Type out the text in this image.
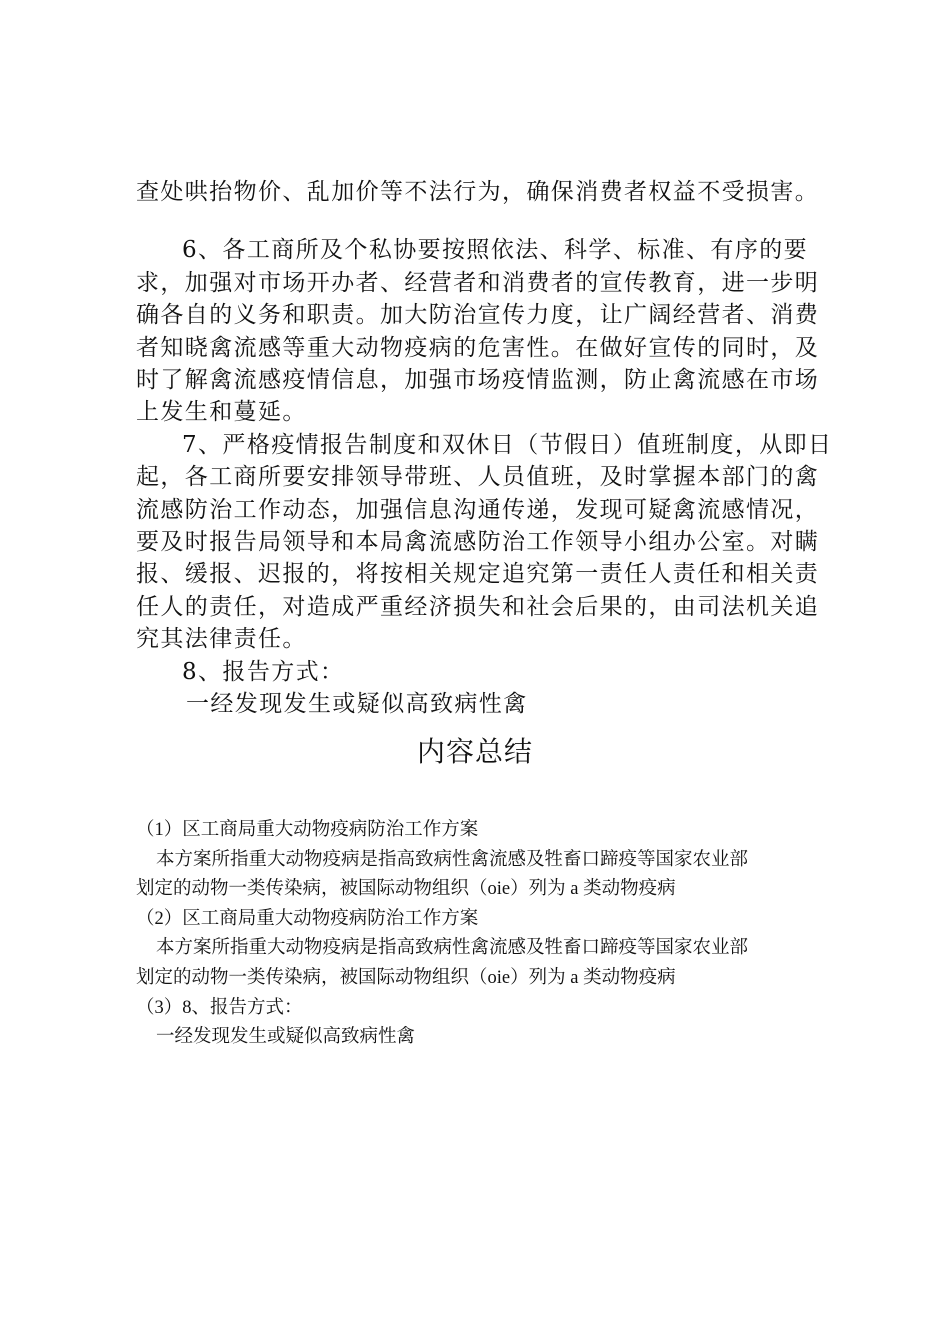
查处哄抬物价、乱加价等不法行为，确保消费者权益不受损害。

6、各工商所及个私协要按照依法、科学、标准、有序的要求，加强对市场开办者、经营者和消费者的宣传教育，进一步明确各自的义务和职责。加大防治宣传力度，让广阔经营者、消费者知晓禽流感等重大动物疫病的危害性。在做好宣传的同时，及时了解禽流感疫情信息，加强市场疫情监测，防止禽流感在市场上发生和蔓延。

7、严格疫情报告制度和双休日（节假日）值班制度，从即日起，各工商所要安排领导带班、人员值班，及时掌握本部门的禽流感防治工作动态，加强信息沟通传递，发现可疑禽流感情况，要及时报告局领导和本局禽流感防治工作领导小组办公室。对瞒报、缓报、迟报的，将按相关规定追究第一责任人责任和相关责任人的责任，对造成严重经济损失和社会后果的，由司法机关追究其法律责任。

8、报告方式：

一经发现发生或疑似高致病性禽

内容总结

（1）区工商局重大动物疫病防治工作方案

本方案所指重大动物疫病是指高致病性禽流感及牲畜口蹄疫等国家农业部

划定的动物一类传染病，被国际动物组织（oie）列为 a 类动物疫病

（2）区工商局重大动物疫病防治工作方案

本方案所指重大动物疫病是指高致病性禽流感及牲畜口蹄疫等国家农业部

划定的动物一类传染病，被国际动物组织（oie）列为 a 类动物疫病

（3）8、报告方式：

一经发现发生或疑似高致病性禽
